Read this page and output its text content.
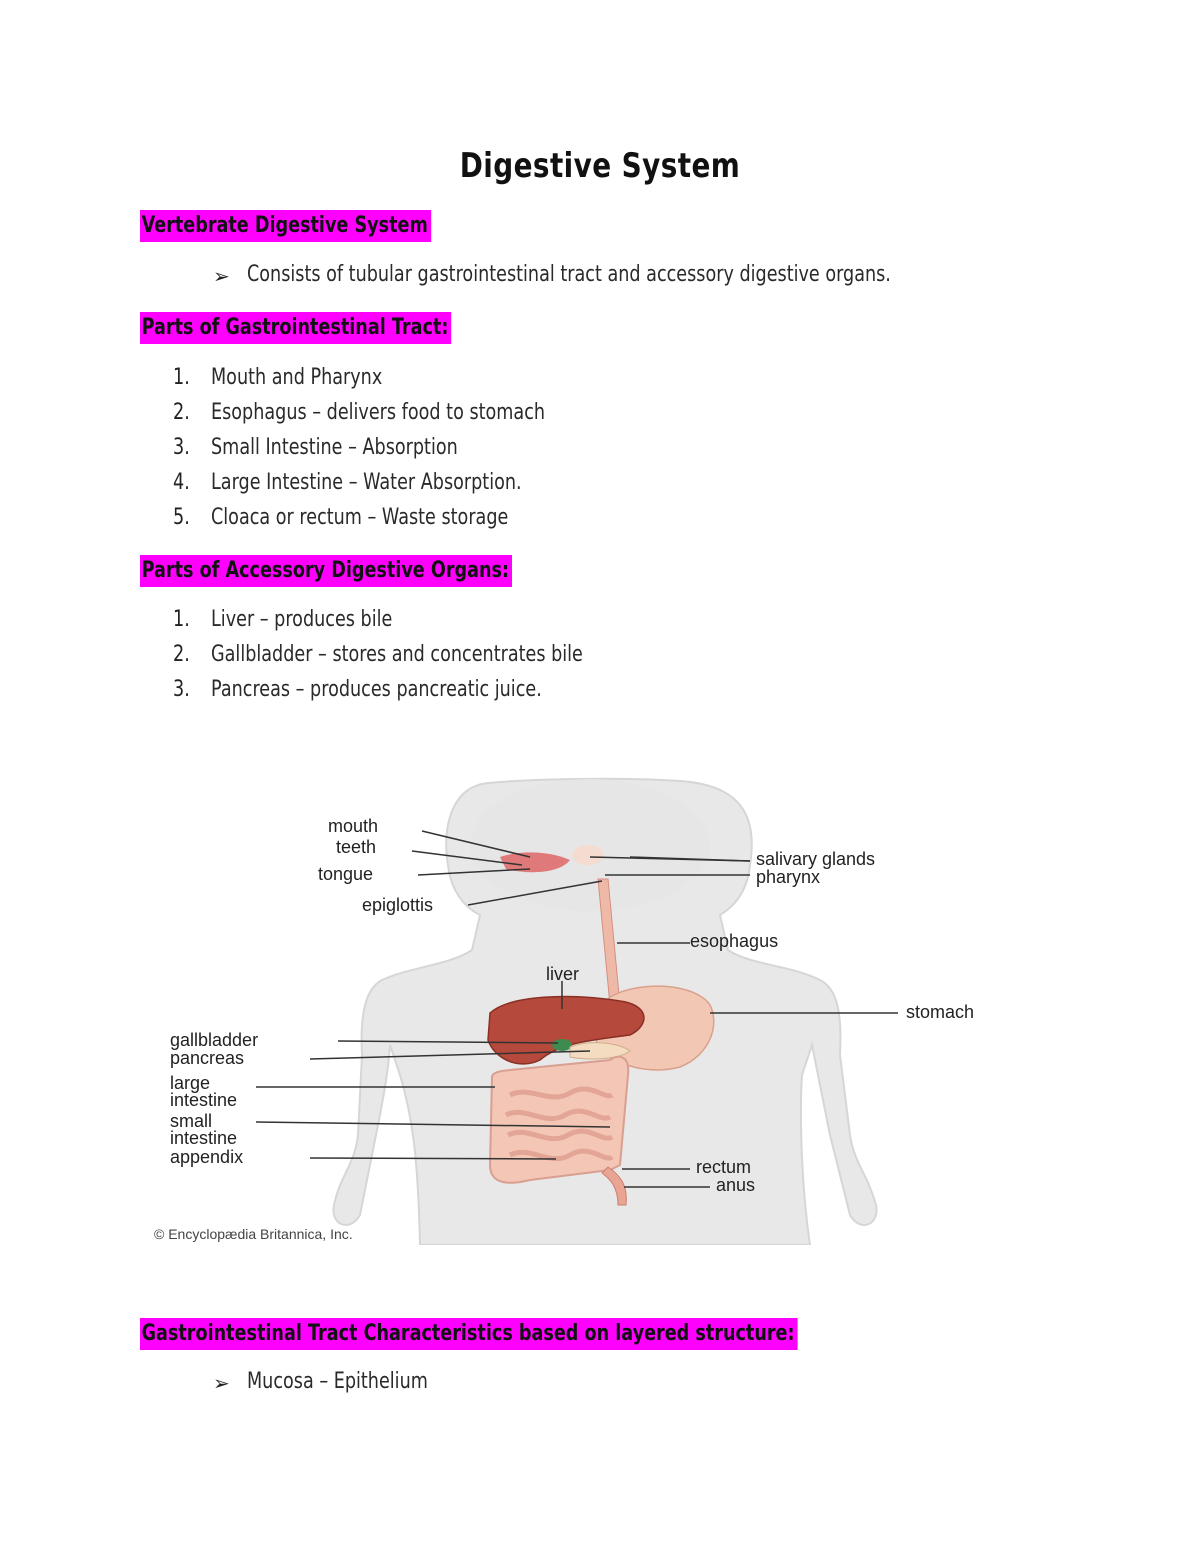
Digestive System
Vertebrate Digestive System
➢ Consists of tubular gastrointestinal tract and accessory digestive organs.
Parts of Gastrointestinal Tract:
1. Mouth and Pharynx
2. Esophagus – delivers food to stomach
3. Small Intestine – Absorption
4. Large Intestine – Water Absorption.
5. Cloaca or rectum – Waste storage
Parts of Accessory Digestive Organs:
1. Liver – produces bile
2. Gallbladder – stores and concentrates bile
3. Pancreas – produces pancreatic juice.
mouth
teeth
tongue
epiglottis
salivary glands
pharynx
esophagus
liver
stomach
gallbladder
pancreas
large
intestine
small
intestine
appendix	rectum
anus
© Encyclopædia Britannica, Inc.
Gastrointestinal Tract Characteristics based on layered structure:
➢ Mucosa – Epithelium
